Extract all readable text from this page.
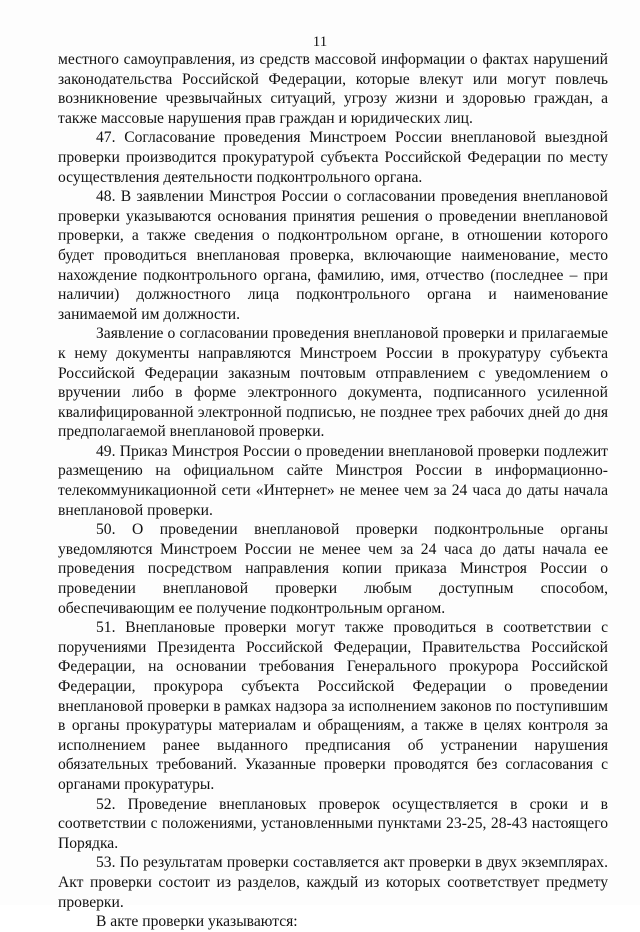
11

местного самоуправления, из средств массовой информации о фактах нарушений законодательства Российской Федерации, которые влекут или могут повлечь возникновение чрезвычайных ситуаций, угрозу жизни и здоровью граждан, а также массовые нарушения прав граждан и юридических лиц.

47. Согласование проведения Минстроем России внеплановой выездной проверки производится прокуратурой субъекта Российской Федерации по месту осуществления деятельности подконтрольного органа.

48. В заявлении Минстроя России о согласовании проведения внеплановой проверки указываются основания принятия решения о проведении внеплановой проверки, а также сведения о подконтрольном органе, в отношении которого будет проводиться внеплановая проверка, включающие наименование, место нахождение подконтрольного органа, фамилию, имя, отчество (последнее – при наличии) должностного лица подконтрольного органа и наименование занимаемой им должности.

Заявление о согласовании проведения внеплановой проверки и прилагаемые к нему документы направляются Минстроем России в прокуратуру субъекта Российской Федерации заказным почтовым отправлением с уведомлением о вручении либо в форме электронного документа, подписанного усиленной квалифицированной электронной подписью, не позднее трех рабочих дней до дня предполагаемой внеплановой проверки.

49. Приказ Минстроя России о проведении внеплановой проверки подлежит размещению на официальном сайте Минстроя России в информационно-телекоммуникационной сети «Интернет» не менее чем за 24 часа до даты начала внеплановой проверки.

50. О проведении внеплановой проверки подконтрольные органы уведомляются Минстроем России не менее чем за 24 часа до даты начала ее проведения посредством направления копии приказа Минстроя России о проведении внеплановой проверки любым доступным способом, обеспечивающим ее получение подконтрольным органом.

51. Внеплановые проверки могут также проводиться в соответствии с поручениями Президента Российской Федерации, Правительства Российской Федерации, на основании требования Генерального прокурора Российской Федерации, прокурора субъекта Российской Федерации о проведении внеплановой проверки в рамках надзора за исполнением законов по поступившим в органы прокуратуры материалам и обращениям, а также в целях контроля за исполнением ранее выданного предписания об устранении нарушения обязательных требований. Указанные проверки проводятся без согласования с органами прокуратуры.

52. Проведение внеплановых проверок осуществляется в сроки и в соответствии с положениями, установленными пунктами 23-25, 28-43 настоящего Порядка.

53. По результатам проверки составляется акт проверки в двух экземплярах. Акт проверки состоит из разделов, каждый из которых соответствует предмету проверки.

В акте проверки указываются:
